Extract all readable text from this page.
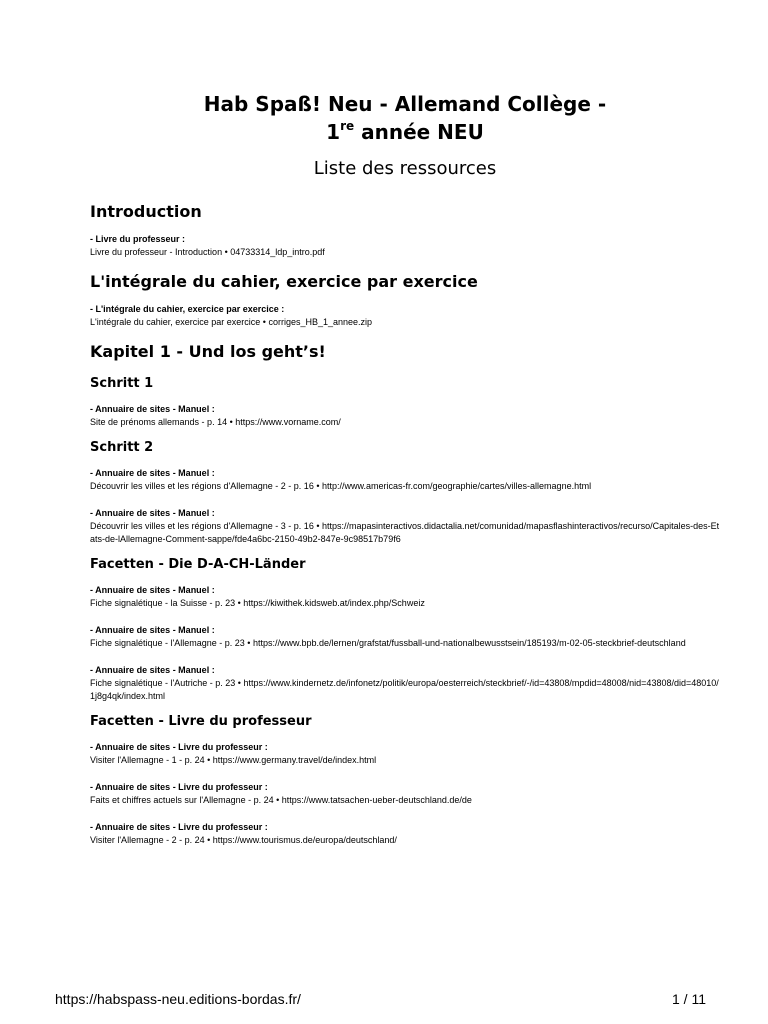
Hab Spaß! Neu - Allemand Collège -
1re année NEU
Liste des ressources
Introduction
- Livre du professeur :
Livre du professeur - Introduction • 04733314_ldp_intro.pdf
L'intégrale du cahier, exercice par exercice
- L'intégrale du cahier, exercice par exercice :
L'intégrale du cahier, exercice par exercice • corriges_HB_1_annee.zip
Kapitel 1 - Und los geht’s!
Schritt 1
- Annuaire de sites - Manuel :
Site de prénoms allemands - p. 14 • https://www.vorname.com/
Schritt 2
- Annuaire de sites - Manuel :
Découvrir les villes et les régions d'Allemagne - 2 - p. 16 • http://www.americas-fr.com/geographie/cartes/villes-allemagne.html
- Annuaire de sites - Manuel :
Découvrir les villes et les régions d'Allemagne - 3 - p. 16 • https://mapasinteractivos.didactalia.net/comunidad/mapasflashinteractivos/recurso/Capitales-des-Etats-de-lAllemagne-Comment-sappe/fde4a6bc-2150-49b2-847e-9c98517b79f6
Facetten - Die D-A-CH-Länder
- Annuaire de sites - Manuel :
Fiche signalétique - la Suisse - p. 23 • https://kiwithek.kidsweb.at/index.php/Schweiz
- Annuaire de sites - Manuel :
Fiche signalétique - l'Allemagne - p. 23 • https://www.bpb.de/lernen/grafstat/fussball-und-nationalbewusstsein/185193/m-02-05-steckbrief-deutschland
- Annuaire de sites - Manuel :
Fiche signalétique - l'Autriche - p. 23 • https://www.kindernetz.de/infonetz/politik/europa/oesterreich/steckbrief/-/id=43808/mpdid=48008/nid=43808/did=48010/1j8g4qk/index.html
Facetten - Livre du professeur
- Annuaire de sites - Livre du professeur :
Visiter l'Allemagne - 1 - p. 24 • https://www.germany.travel/de/index.html
- Annuaire de sites - Livre du professeur :
Faits et chiffres actuels sur l'Allemagne - p. 24 • https://www.tatsachen-ueber-deutschland.de/de
- Annuaire de sites - Livre du professeur :
Visiter l'Allemagne - 2 - p. 24 • https://www.tourismus.de/europa/deutschland/
https://habspass-neu.editions-bordas.fr/	1 / 11
